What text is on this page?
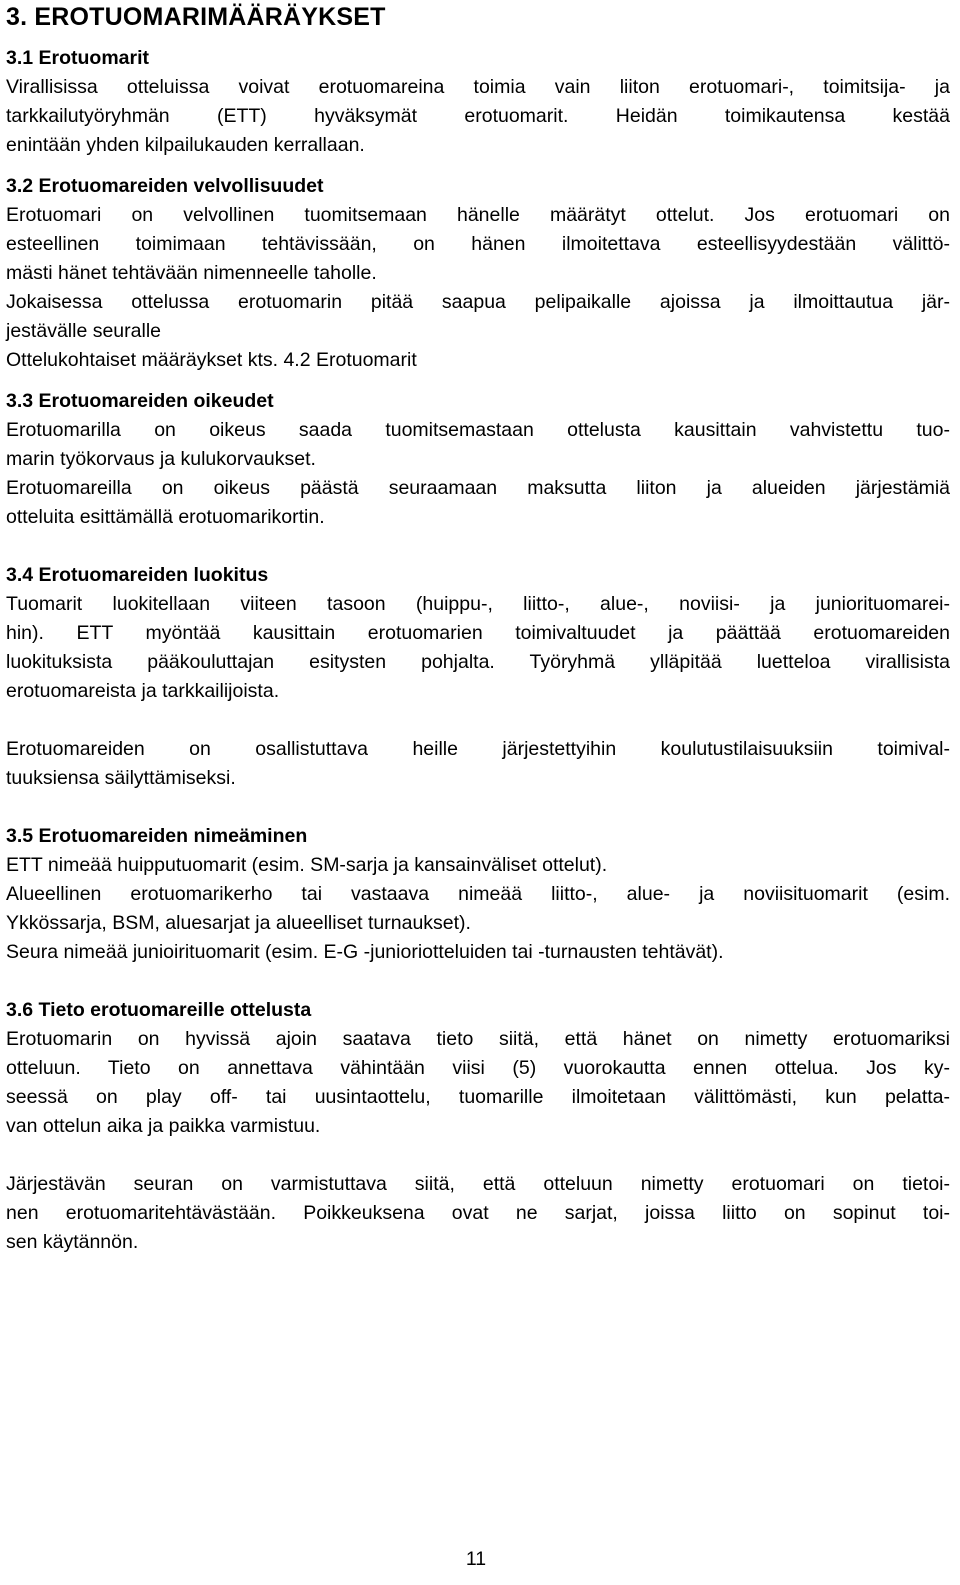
3. EROTUOMARIMÄÄRÄYKSET
3.1 Erotuomarit

Virallisissa otteluissa voivat erotuomareina toimia vain liiton erotuomari-, toimitsija- ja
tarkkailutyöryhmän (ETT) hyväksymät erotuomarit. Heidän toimikautensa kestää
enintään yhden kilpailukauden kerrallaan.

3.2 Erotuomareiden velvollisuudet

Erotuomari on velvollinen tuomitsemaan hänelle määrätyt ottelut. Jos erotuomari on
esteellinen toimimaan tehtävissään, on hänen ilmoitettava esteellisyydestään välittö-
mästi hänet tehtävään nimenneelle taholle.

Jokaisessa ottelussa erotuomarin pitää saapua pelipaikalle ajoissa ja ilmoittautua jär-
jestävälle seuralle

Ottelukohtaiset määräykset kts. 4.2 Erotuomarit

3.3 Erotuomareiden oikeudet

Erotuomarilla on oikeus saada tuomitsemastaan ottelusta kausittain vahvistettu tuo-
marin työkorvaus ja kulukorvaukset.

Erotuomareilla on oikeus päästä seuraamaan maksutta liiton ja alueiden järjestämiä
otteluita esittämällä erotuomarikortin.

3.4 Erotuomareiden luokitus

Tuomarit luokitellaan viiteen tasoon (huippu-, liitto-, alue-, noviisi- ja juniorituomarei-
hin). ETT myöntää kausittain erotuomarien toimivaltuudet ja päättää erotuomareiden
luokituksista pääkouluttajan esitysten pohjalta. Työryhmä ylläpitää luetteloa virallisista
erotuomareista ja tarkkailijoista.

Erotuomareiden on osallistuttava heille järjestettyihin koulutustilaisuuksiin toimival-
tuuksiensa säilyttämiseksi.

3.5 Erotuomareiden nimeäminen

ETT nimeää huipputuomarit (esim. SM-sarja ja kansainväliset ottelut).

Alueellinen erotuomarikerho tai vastaava nimeää liitto-, alue- ja noviisituomarit (esim.
Ykkössarja, BSM, aluesarjat ja alueelliset turnaukset).

Seura nimeää junioirituomarit (esim. E-G -junioriotteluiden tai -turnausten tehtävät).

3.6 Tieto erotuomareille ottelusta

Erotuomarin on hyvissä ajoin saatava tieto siitä, että hänet on nimetty erotuomariksi
otteluun. Tieto on annettava vähintään viisi (5) vuorokautta ennen ottelua. Jos ky-
seessä on play off- tai uusintaottelu, tuomarille ilmoitetaan välittömästi, kun pelatta-
van ottelun aika ja paikka varmistuu.

Järjestävän seuran on varmistuttava siitä, että otteluun nimetty erotuomari on tietoi-
nen erotuomaritehtävästään. Poikkeuksena ovat ne sarjat, joissa liitto on sopinut toi-
sen käytännön.

11
